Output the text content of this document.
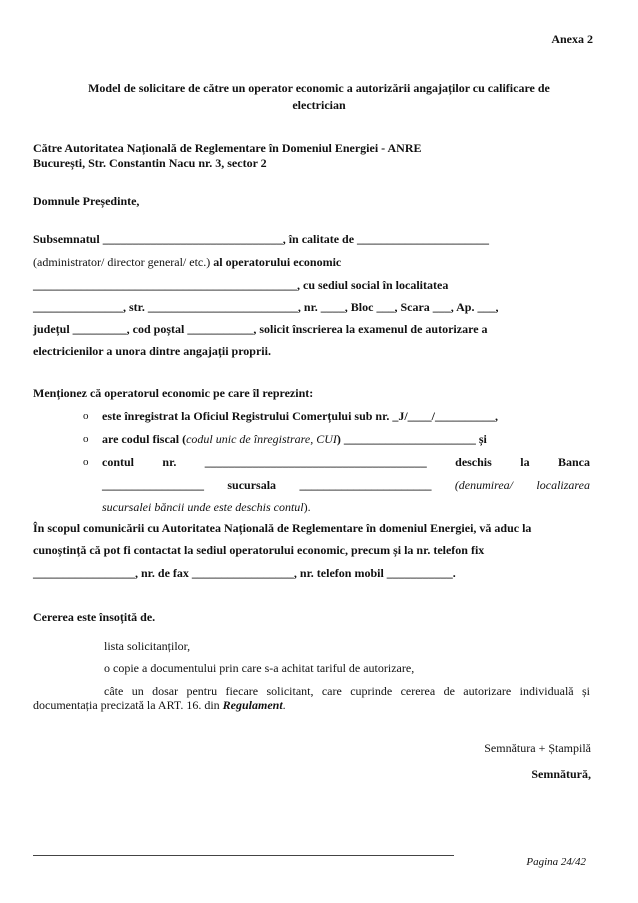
Anexa 2
Model de solicitare de către un operator economic a autorizării angajaților cu calificare de
electrician
Către Autoritatea Națională de Reglementare în Domeniul Energiei - ANRE
București, Str. Constantin Nacu nr. 3, sector 2
Domnule Președinte,
Subsemnatul ______________________________, în calitate de ______________________
(administrator/ director general/ etc.) al operatorului economic
____________________________________________, cu sediul social în localitatea
_______________, str. _________________________, nr. ____, Bloc ___, Scara ___, Ap. ___,
județul _________, cod poștal ___________, solicit înscrierea la examenul de autorizare a
electricienilor a unora dintre angajații proprii.
Menționez că operatorul economic pe care îl reprezint:
o este înregistrat la Oficiul Registrului Comerțului sub nr. _J/____/__________,
o are codul fiscal (codul unic de înregistrare, CUI) ______________________ și
o contul nr. _____________________________________ deschis la Banca
_________________ sucursala ______________________ (denumirea/ localizarea
sucursalei băncii unde este deschis contul).
În scopul comunicării cu Autoritatea Națională de Reglementare în domeniul Energiei, vă aduc la
cunoștință că pot fi contactat la sediul operatorului economic, precum și la nr. telefon fix
_________________, nr. de fax _________________, nr. telefon mobil ___________.
Cererea este însoțită de.
lista solicitanților,
o copie a documentului prin care s-a achitat tariful de autorizare,
câte un dosar pentru fiecare solicitant, care cuprinde cererea de autorizare individuală și
documentația precizată la ART. 16. din Regulament.
Semnătura + Ștampilă
Semnătură,
Pagina 24/42
